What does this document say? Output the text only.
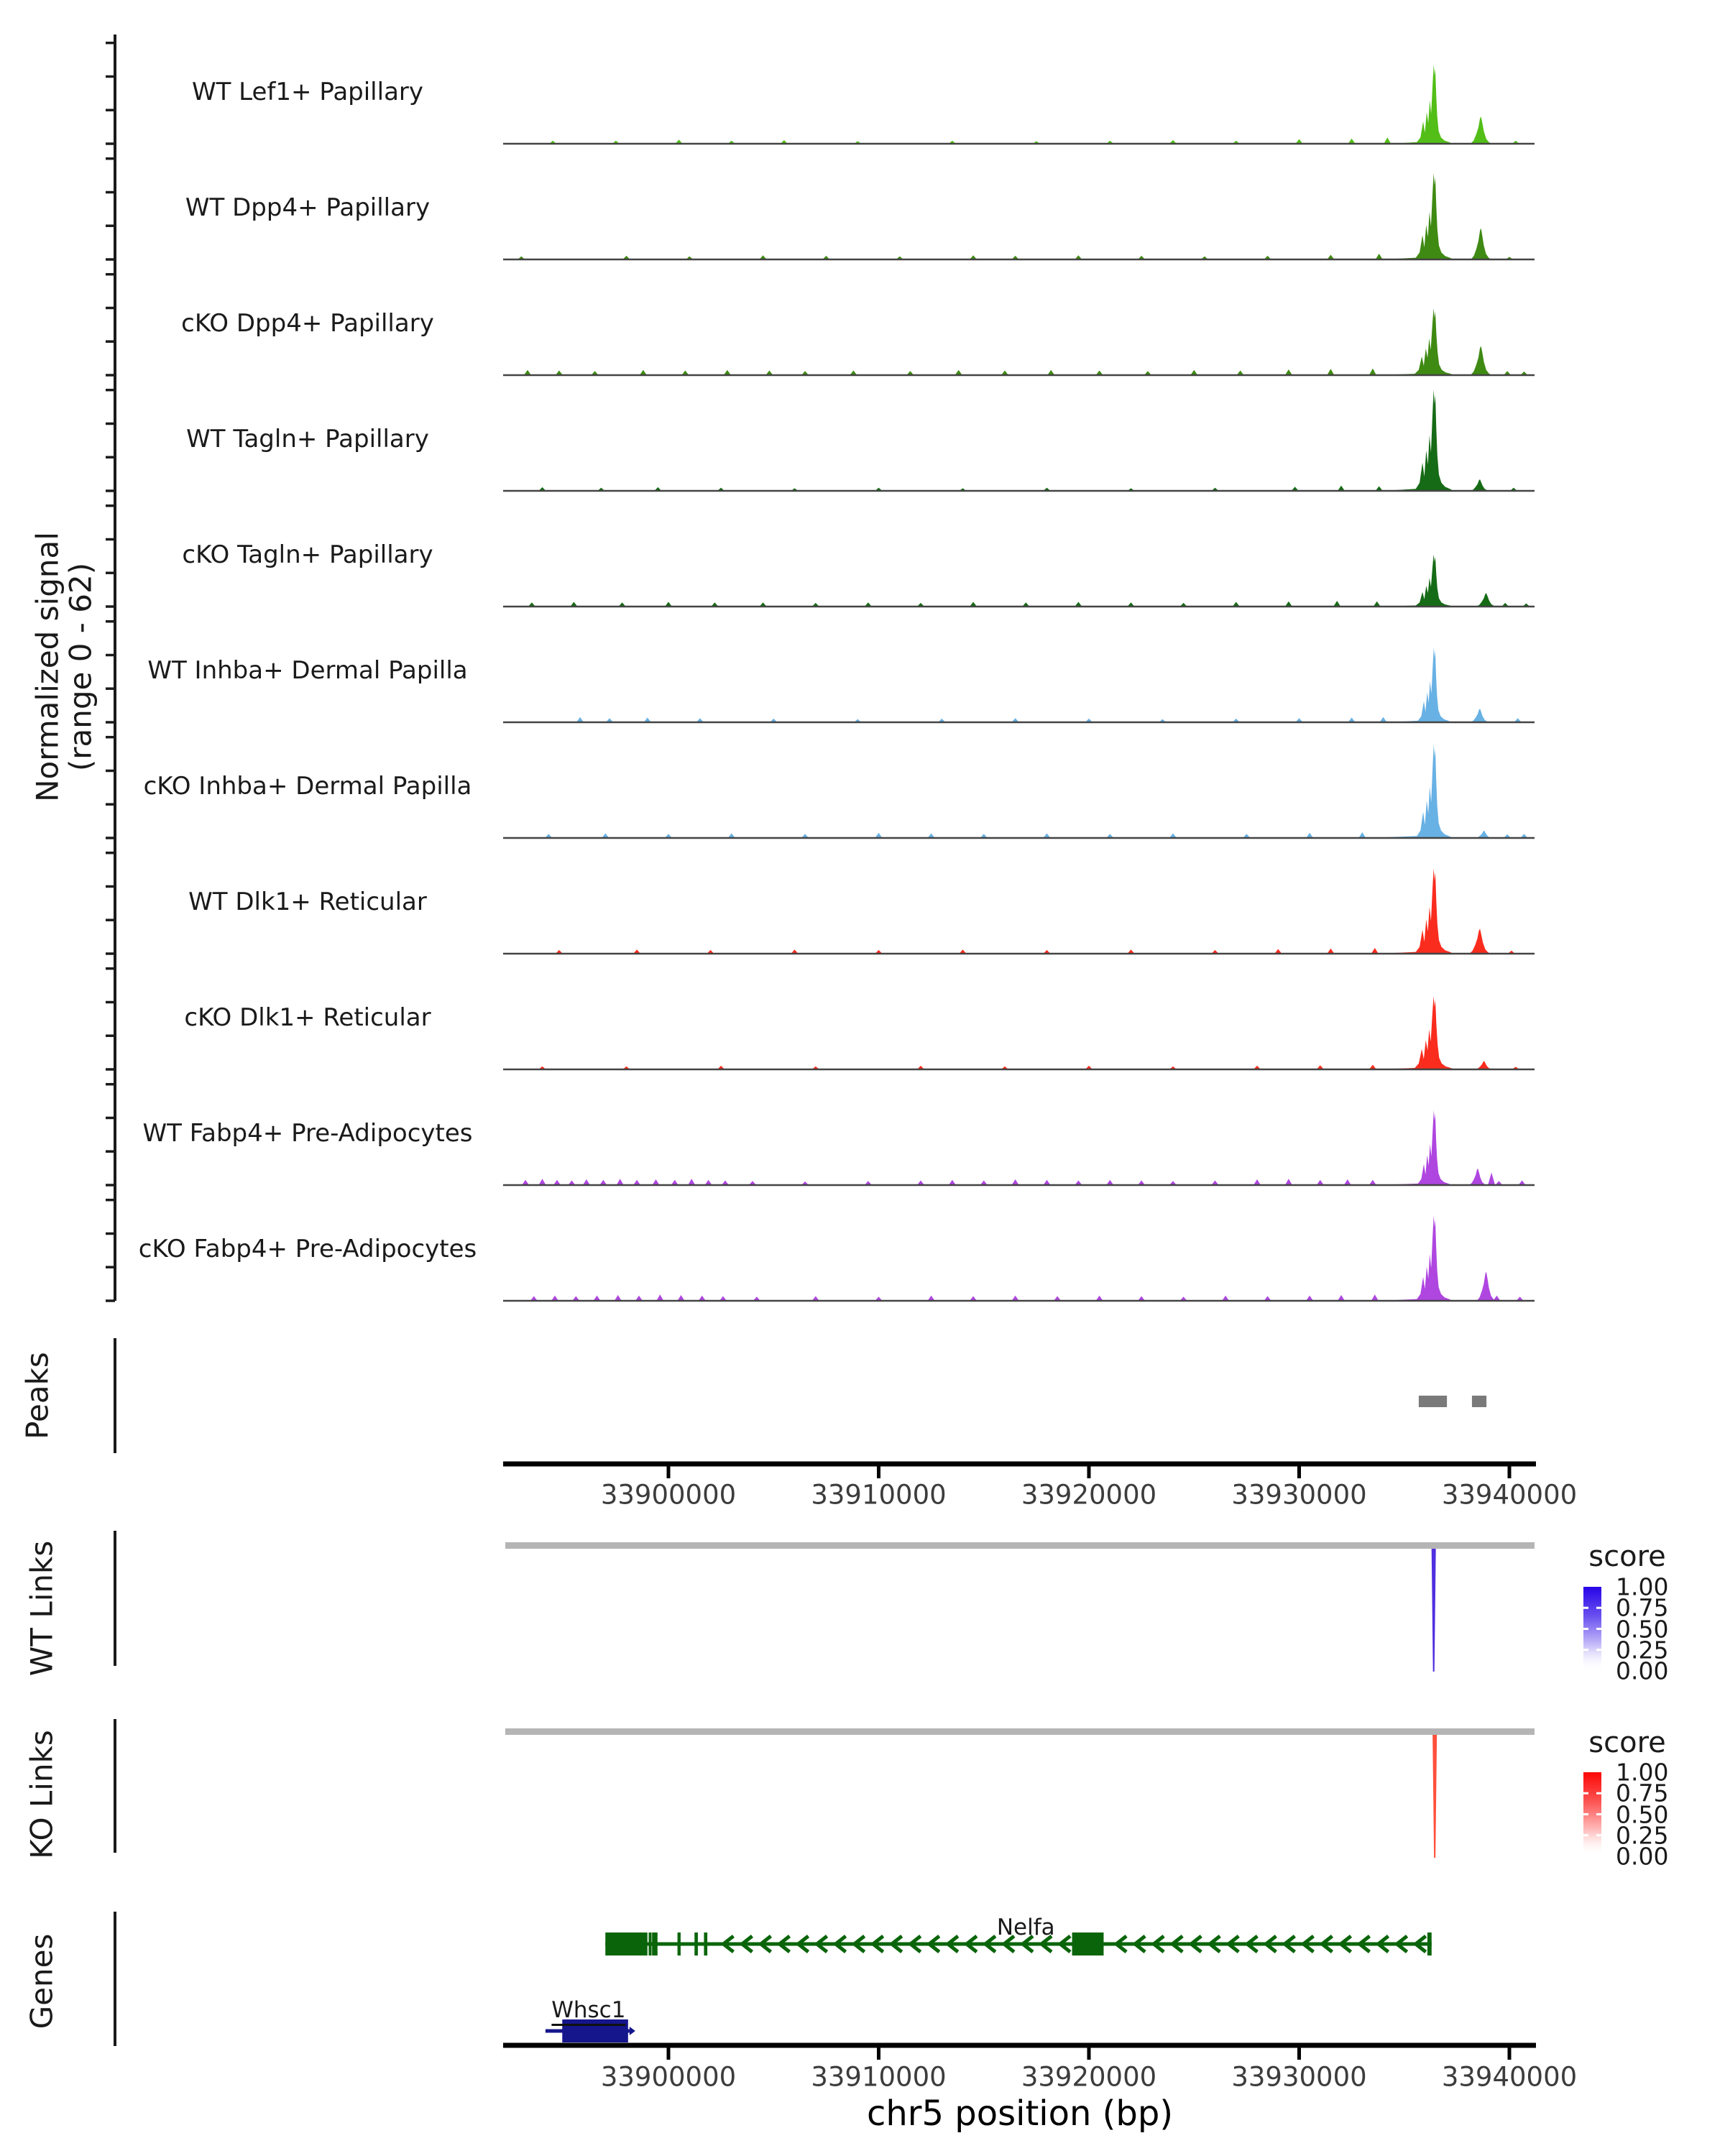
Normalized signal
(range 0 - 62)
Peaks
WT Links
KO Links
Genes
score
score
chr5 position (bp)
WT Lef1+ Papillary
WT Dpp4+ Papillary
cKO Dpp4+ Papillary
WT Tagln+ Papillary
cKO Tagln+ Papillary
WT Inhba+ Dermal Papilla
cKO Inhba+ Dermal Papilla
WT Dlk1+ Reticular
cKO Dlk1+ Reticular
WT Fabp4+ Pre-Adipocytes
cKO Fabp4+ Pre-Adipocytes
33900000	33910000	33920000	33930000	33940000
1.00
0.75
0.50
0.25
0.00
1.00
0.75
0.50
0.25
0.00
Nelfa
Whsc1
33900000	33910000	33920000	33930000	33940000
